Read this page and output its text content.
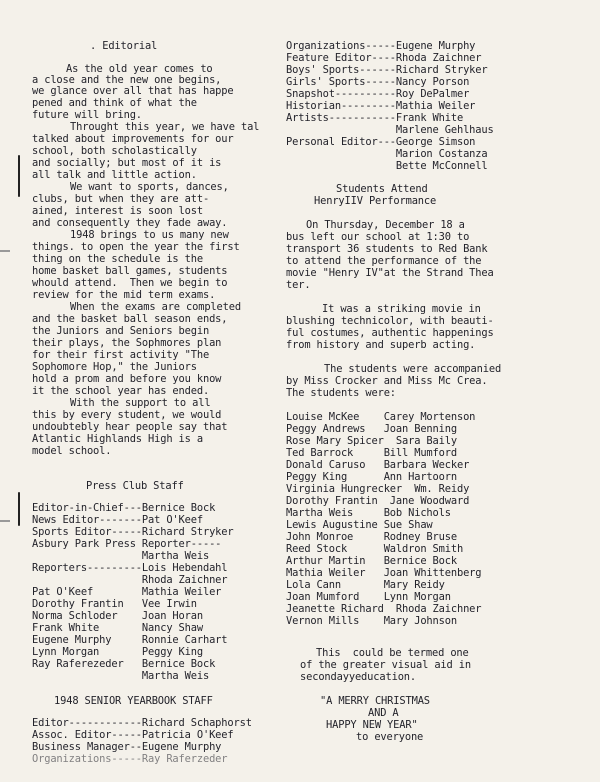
. Editorial
As the old year comes to
a close and the new one begins,
we glance over all that has happe
pened and think of what the
future will bring.
Throught this year, we have tal
talked about improvements for our
school, both scholastically
and socially; but most of it is
all talk and little action.
We want to sports, dances,
clubs, but when they are att-
ained, interest is soon lost
and consequently they fade away.
1948 brings to us many new
things. to open the year the first
thing on the schedule is the
home basket ball games, students
whould attend.  Then we begin to
review for the mid term exams.
When the exams are completed
and the basket ball season ends,
the Juniors and Seniors begin
their plays, the Sophmores plan
for their first activity "The
Sophomore Hop," the Juniors
hold a prom and before you know
it the school year has ended.
With the support to all
this by every student, we would
undoubtebly hear people say that
Atlantic Highlands High is a
model school.
Press Club Staff
Editor-in-Chief---Bernice Bock
News Editor-------Pat O'Keef
Sports Editor-----Richard Stryker
Asbury Park Press Reporter-----
Martha Weis
Reporters---------Lois Hebendahl
Rhoda Zaichner
Pat O'Keef        Mathia Weiler
Dorothy Frantin   Vee Irwin
Norma Schloder    Joan Horan
Frank White       Nancy Shaw
Eugene Murphy     Ronnie Carhart
Lynn Morgan       Peggy King
Ray Raferezeder   Bernice Bock
Martha Weis
1948 SENIOR YEARBOOK STAFF
Editor------------Richard Schaphorst
Assoc. Editor-----Patricia O'Keef
Business Manager--Eugene Murphy
Organizations-----Ray Raferzeder
Organizations-----Eugene Murphy
Feature Editor----Rhoda Zaichner
Boys' Sports------Richard Stryker
Girls' Sports-----Nancy Porson
Snapshot----------Roy DePalmer
Historian---------Mathia Weiler
Artists-----------Frank White
Marlene Gehlhaus
Personal Editor---George Simson
Marion Costanza
Bette McConnell
Students Attend
HenryIIV Performance
On Thursday, December 18 a
bus left our school at 1:30 to
transport 36 students to Red Bank
to attend the performance of the
movie "Henry IV"at the Strand Thea
ter.
It was a striking movie in
blushing technicolor, with beauti-
ful costumes, authentic happenings
from history and superb acting.
The students were accompanied
by Miss Crocker and Miss Mc Crea.
The students were:
Louise McKee    Carey Mortenson
Peggy Andrews   Joan Benning
Rose Mary Spicer  Sara Baily
Ted Barrock     Bill Mumford
Donald Caruso   Barbara Wecker
Peggy King      Ann Hartoorn
Virginia Hungrecker  Wm. Reidy
Dorothy Frantin  Jane Woodward
Martha Weis     Bob Nichols
Lewis Augustine Sue Shaw
John Monroe     Rodney Bruse
Reed Stock      Waldron Smith
Arthur Martin   Bernice Bock
Mathia Weiler   Joan Whittenberg
Lola Cann       Mary Reidy
Joan Mumford    Lynn Morgan
Jeanette Richard  Rhoda Zaichner
Vernon Mills    Mary Johnson
This  could be termed one
of the greater visual aid in
secondayyeducation.
"A MERRY CHRISTMAS
AND A
HAPPY NEW YEAR"
to everyone
